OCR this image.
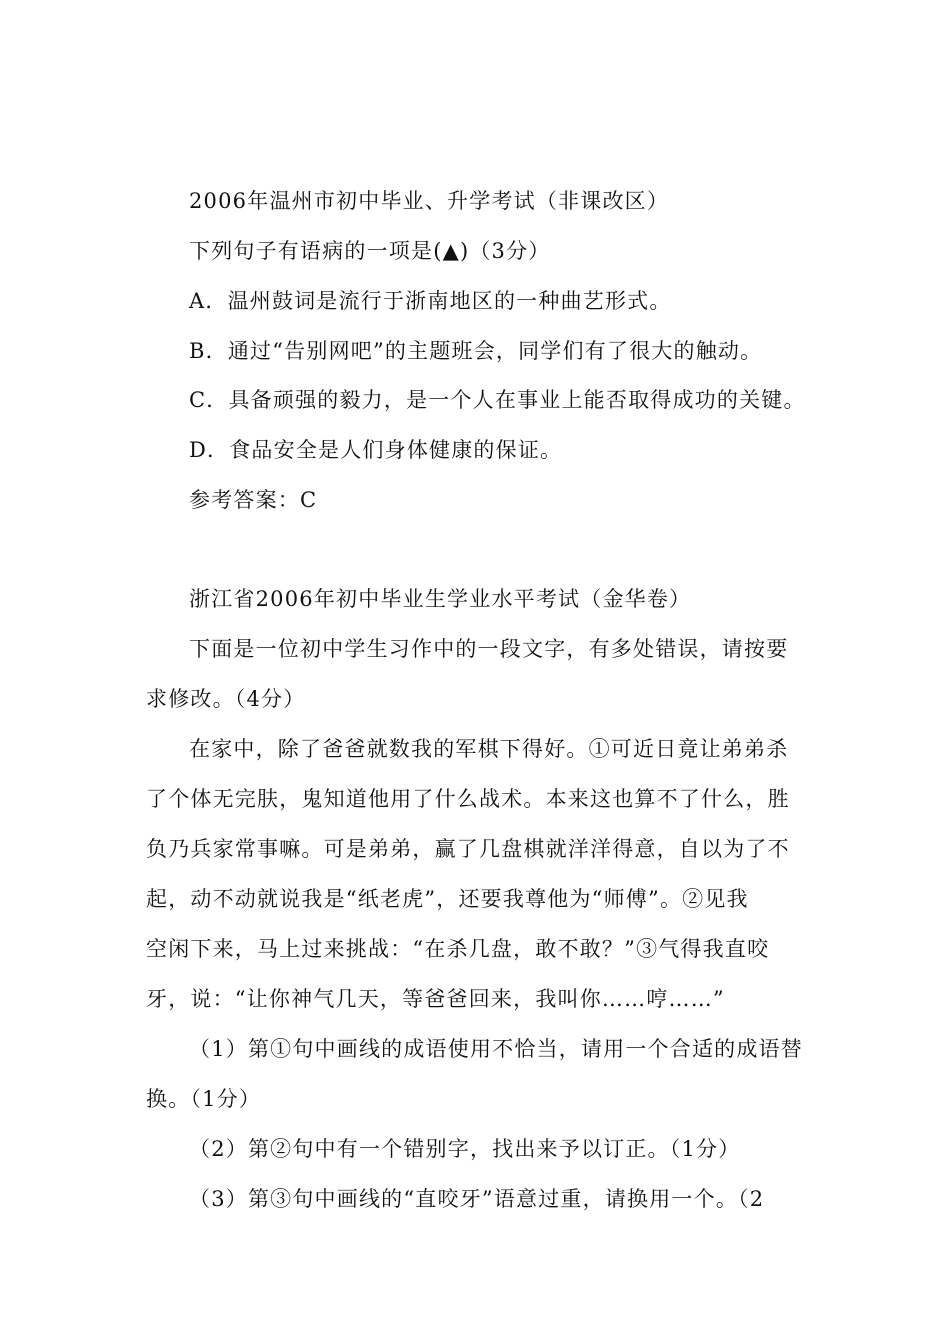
2006年温州市初中毕业、升学考试（非课改区）
下列句子有语病的一项是(▲)（3分）
A．温州鼓词是流行于浙南地区的一种曲艺形式。
B．通过“告别网吧”的主题班会，同学们有了很大的触动。
C．具备顽强的毅力，是一个人在事业上能否取得成功的关键。
D．食品安全是人们身体健康的保证。
参考答案：C
浙江省2006年初中毕业生学业水平考试（金华卷）
下面是一位初中学生习作中的一段文字，有多处错误，请按要
求修改。（4分）
在家中，除了爸爸就数我的军棋下得好。①可近日竟让弟弟杀
了个体无完肤，鬼知道他用了什么战术。本来这也算不了什么，胜
负乃兵家常事嘛。可是弟弟，赢了几盘棋就洋洋得意，自以为了不
起，动不动就说我是“纸老虎”，还要我尊他为“师傅”。②见我
空闲下来，马上过来挑战：“在杀几盘，敢不敢？”③气得我直咬
牙，说：“让你神气几天，等爸爸回来，我叫你……哼……”
（1）第①句中画线的成语使用不恰当，请用一个合适的成语替
换。（1分）
（2）第②句中有一个错别字，找出来予以订正。（1分）
（3）第③句中画线的“直咬牙”语意过重，请换用一个。（2
